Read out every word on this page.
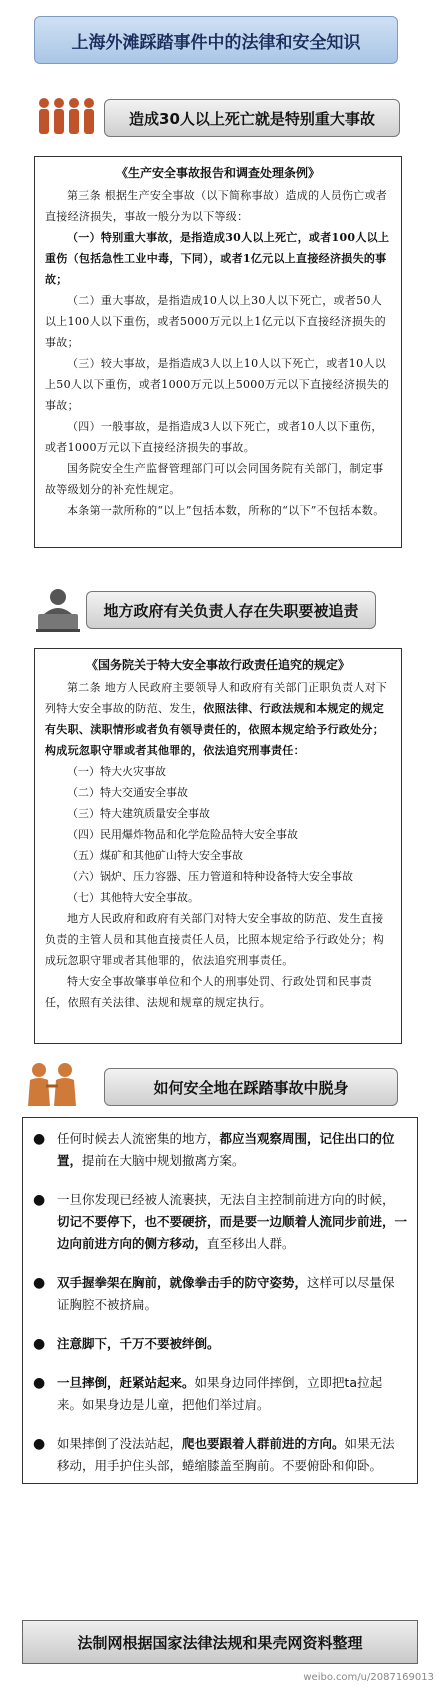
上海外滩踩踏事件中的法律和安全知识
造成30人以上死亡就是特别重大事故
《生产安全事故报告和调查处理条例》

第三条 根据生产安全事故（以下简称事故）造成的人员伤亡或者直接经济损失，事故一般分为以下等级：

（一）特别重大事故，是指造成30人以上死亡，或者100人以上重伤（包括急性工业中毒，下同），或者1亿元以上直接经济损失的事故；

（二）重大事故，是指造成10人以上30人以下死亡，或者50人以上100人以下重伤，或者5000万元以上1亿元以下直接经济损失的事故；

（三）较大事故，是指造成3人以上10人以下死亡，或者10人以上50人以下重伤，或者1000万元以上5000万元以下直接经济损失的事故；

（四）一般事故，是指造成3人以下死亡，或者10人以下重伤，或者1000万元以下直接经济损失的事故。

国务院安全生产监督管理部门可以会同国务院有关部门，制定事故等级划分的补充性规定。

本条第一款所称的“以上”包括本数，所称的“以下”不包括本数。

地方政府有关负责人存在失职要被追责
《国务院关于特大安全事故行政责任追究的规定》

第二条 地方人民政府主要领导人和政府有关部门正职负责人对下列特大安全事故的防范、发生，依照法律、行政法规和本规定的规定有失职、渎职情形或者负有领导责任的，依照本规定给予行政处分；构成玩忽职守罪或者其他罪的，依法追究刑事责任：

（一）特大火灾事故

（二）特大交通安全事故

（三）特大建筑质量安全事故

（四）民用爆炸物品和化学危险品特大安全事故

（五）煤矿和其他矿山特大安全事故

（六）锅炉、压力容器、压力管道和特种设备特大安全事故

（七）其他特大安全事故。

地方人民政府和政府有关部门对特大安全事故的防范、发生直接负责的主管人员和其他直接责任人员，比照本规定给予行政处分；构成玩忽职守罪或者其他罪的，依法追究刑事责任。

特大安全事故肇事单位和个人的刑事处罚、行政处罚和民事责任，依照有关法律、法规和规章的规定执行。

如何安全地在踩踏事故中脱身
● 任何时候去人流密集的地方，都应当观察周围，记住出口的位置，提前在大脑中规划撤离方案。
● 一旦你发现已经被人流裹挟，无法自主控制前进方向的时候，切记不要停下，也不要硬挤，而是要一边顺着人流同步前进，一边向前进方向的侧方移动，直至移出人群。
● 双手握拳架在胸前，就像拳击手的防守姿势，这样可以尽量保证胸腔不被挤扁。
● 注意脚下，千万不要被绊倒。
● 一旦摔倒，赶紧站起来。如果身边同伴摔倒，立即把ta拉起来。如果身边是儿童，把他们举过肩。
● 如果摔倒了没法站起，爬也要跟着人群前进的方向。如果无法移动，用手护住头部，蜷缩膝盖至胸前。不要俯卧和仰卧。
法制网根据国家法律法规和果壳网资料整理
weibo.com/u/2087169013
